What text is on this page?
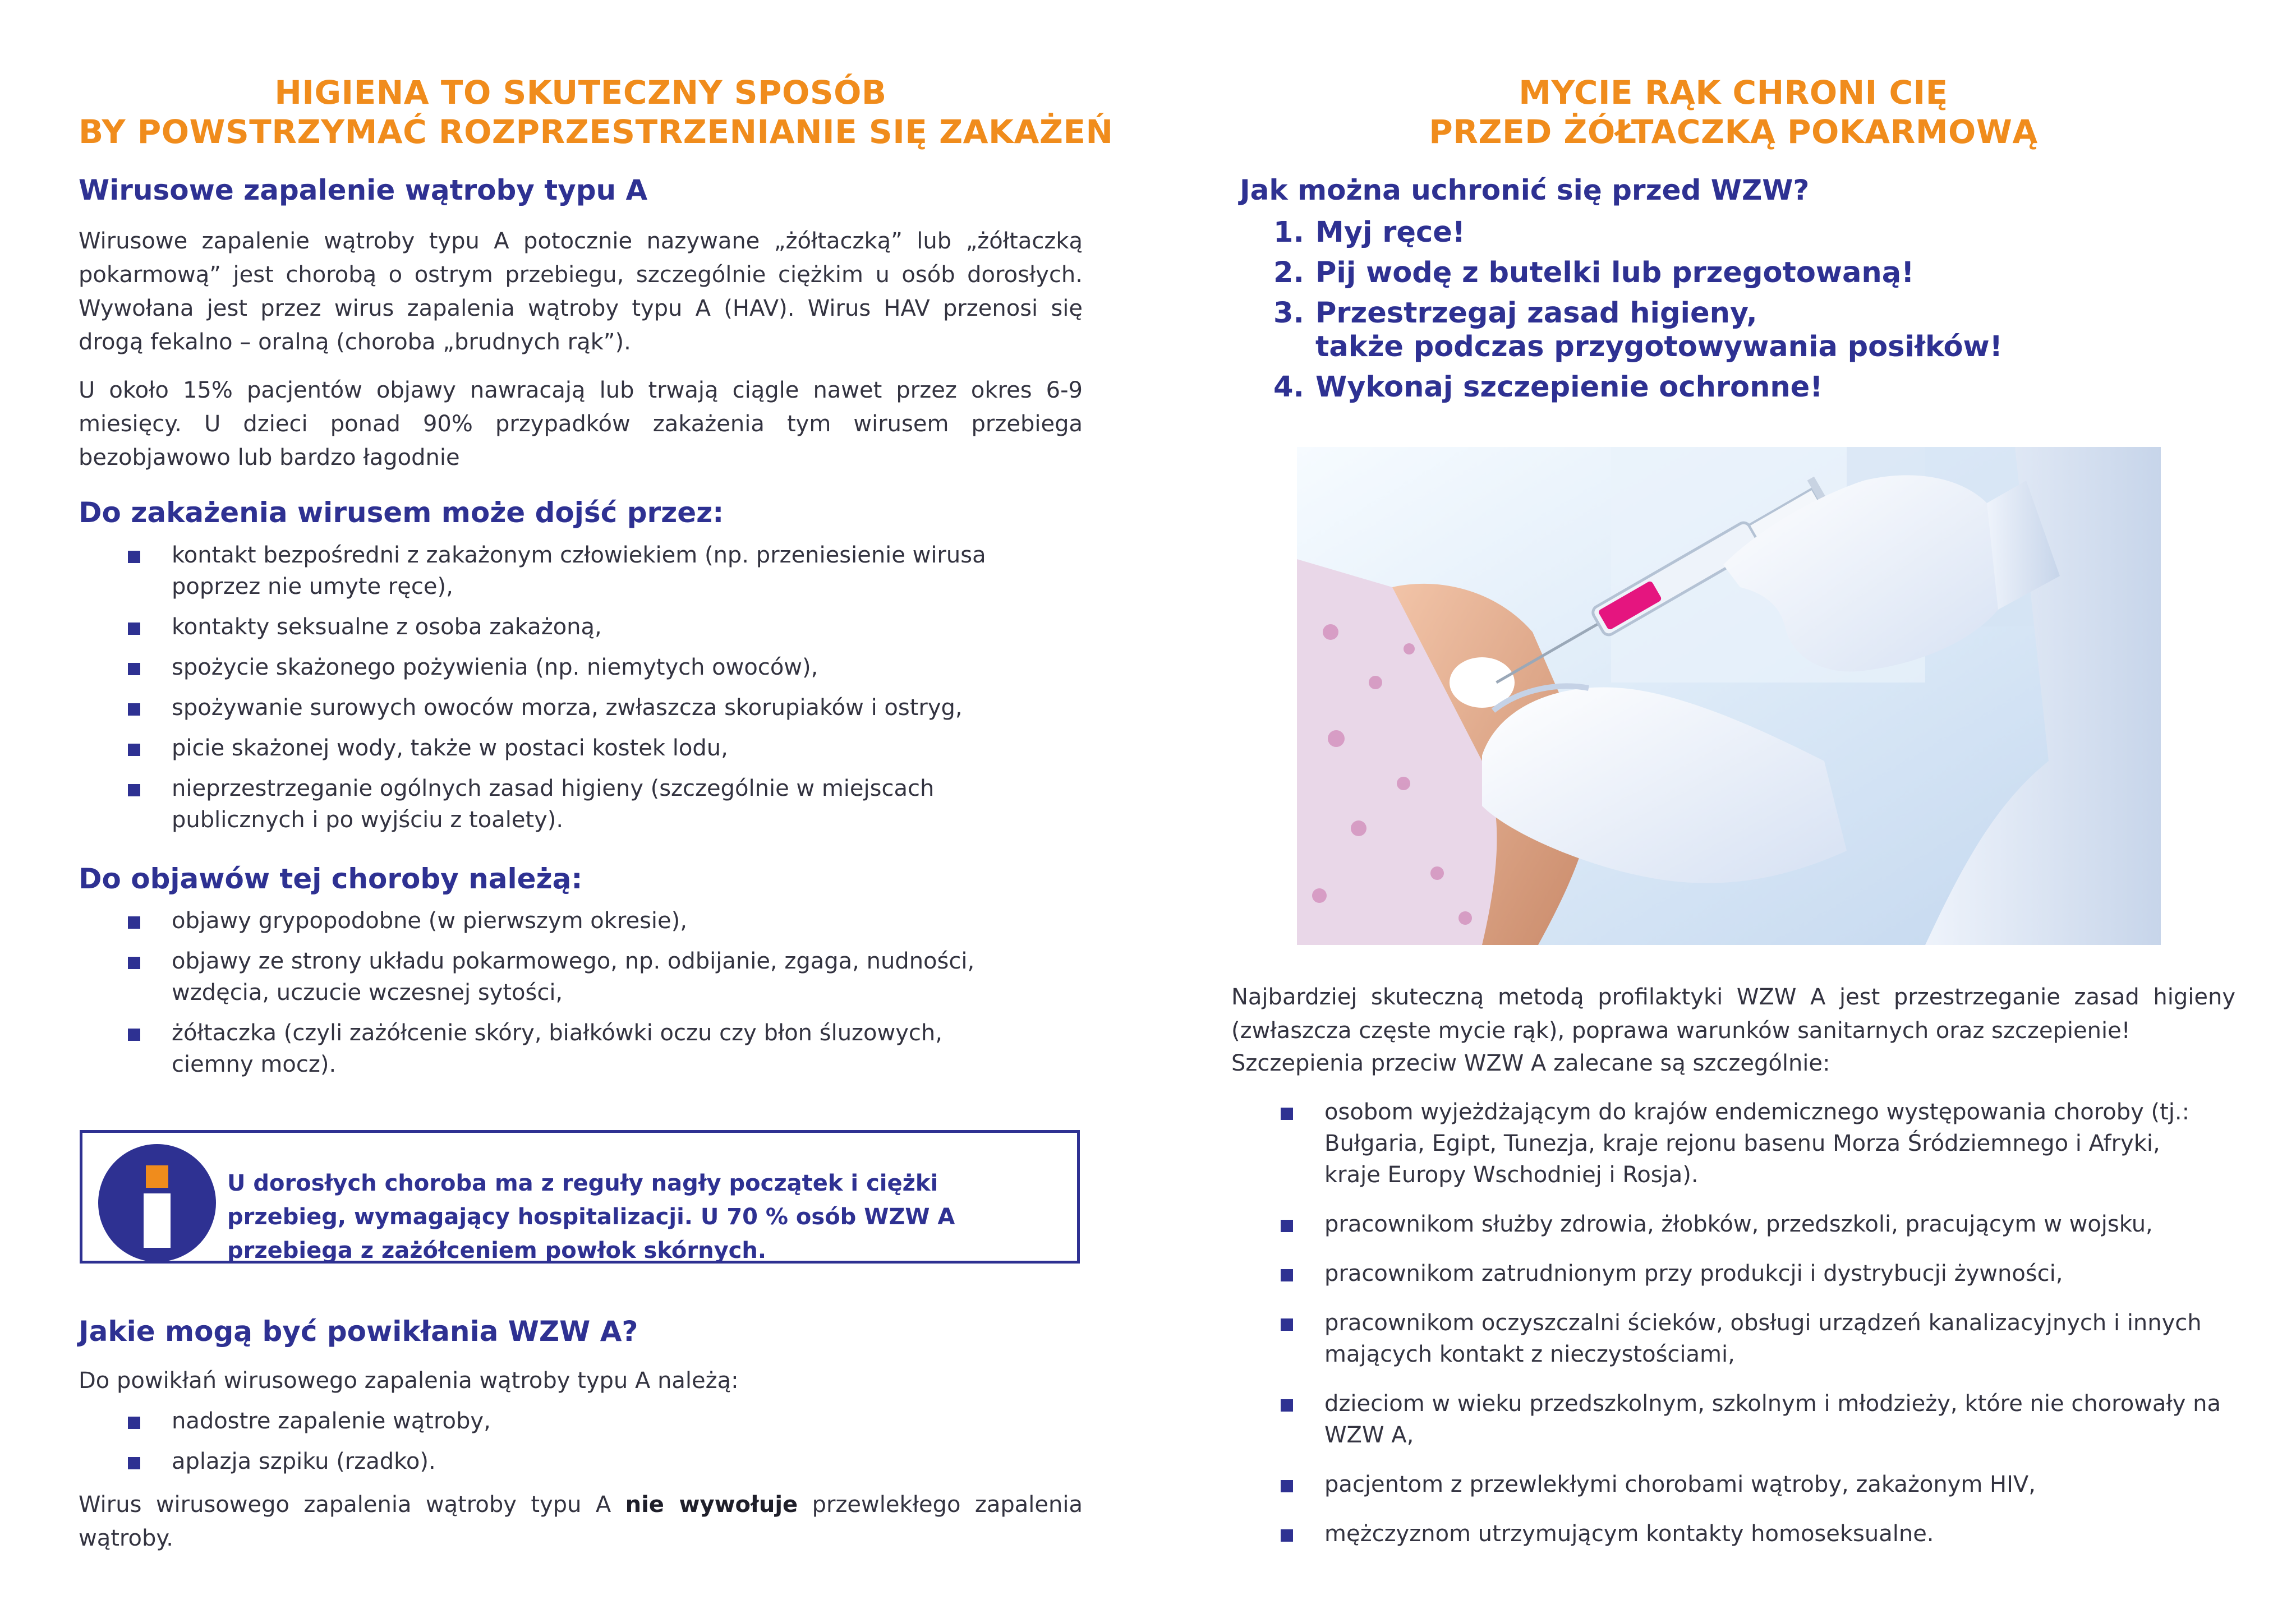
HIGIENA TO SKUTECZNY SPOSÓB
BY POWSTRZYMAĆ ROZPRZESTRZENIANIE SIĘ ZAKAŻEŃ
Wirusowe zapalenie wątroby typu A
Wirusowe zapalenie wątroby typu A potocznie nazywane „żółtaczką” lub „żółtaczką pokarmową” jest chorobą o ostrym przebiegu, szczególnie ciężkim u osób dorosłych. Wywołana jest przez wirus zapalenia wątroby typu A (HAV). Wirus HAV przenosi się drogą fekalno – oralną (choroba „brudnych rąk”).
U około 15% pacjentów objawy nawracają lub trwają ciągle nawet przez okres 6-9 miesięcy. U dzieci ponad 90% przypadków zakażenia tym wirusem przebiega bezobjawowo lub bardzo łagodnie
Do zakażenia wirusem może dojść przez:
kontakt bezpośredni z zakażonym człowiekiem (np. przeniesienie wirusa poprzez nie umyte ręce),
kontakty seksualne z osoba zakażoną,
spożycie skażonego pożywienia (np. niemytych owoców),
spożywanie surowych owoców morza, zwłaszcza skorupiaków i ostryg,
picie skażonej wody, także w postaci kostek lodu,
nieprzestrzeganie ogólnych zasad higieny (szczególnie w miejscach publicznych i po wyjściu z toalety).
Do objawów tej choroby należą:
objawy grypopodobne (w pierwszym okresie),
objawy ze strony układu pokarmowego, np. odbijanie, zgaga, nudności, wzdęcia, uczucie wczesnej sytości,
żółtaczka (czyli zażółcenie skóry, białkówki oczu czy błon śluzowych, ciemny mocz).
U dorosłych choroba ma z reguły nagły początek i ciężki przebieg, wymagający hospitalizacji. U 70 % osób WZW A przebiega z zażółceniem powłok skórnych.
Jakie mogą być powikłania WZW A?
Do powikłań wirusowego zapalenia wątroby typu A należą:
nadostre zapalenie wątroby,
aplazja szpiku (rzadko).
Wirus wirusowego zapalenia wątroby typu A nie wywołuje przewlekłego zapalenia wątroby.
MYCIE RĄK CHRONI CIĘ
PRZED ŻÓŁTACZKĄ POKARMOWĄ
Jak można uchronić się przed WZW?
1. Myj ręce!
2. Pij wodę z butelki lub przegotowaną!
3. Przestrzegaj zasad higieny,
także podczas przygotowywania posiłków!
4. Wykonaj szczepienie ochronne!
Najbardziej skuteczną metodą profilaktyki WZW A jest przestrzeganie zasad higieny (zwłaszcza częste mycie rąk), poprawa warunków sanitarnych oraz szczepienie!
Szczepienia przeciw WZW A zalecane są szczególnie:
osobom wyjeżdżającym do krajów endemicznego występowania choroby (tj.: Bułgaria, Egipt, Tunezja, kraje rejonu basenu Morza Śródziemnego i Afryki, kraje Europy Wschodniej i Rosja).
pracownikom służby zdrowia, żłobków, przedszkoli, pracującym w wojsku,
pracownikom zatrudnionym przy produkcji i dystrybucji żywności,
pracownikom oczyszczalni ścieków, obsługi urządzeń kanalizacyjnych i innych mających kontakt z nieczystościami,
dzieciom w wieku przedszkolnym, szkolnym i młodzieży, które nie chorowały na WZW A,
pacjentom z przewlekłymi chorobami wątroby, zakażonym HIV,
mężczyznom utrzymującym kontakty homoseksualne.
